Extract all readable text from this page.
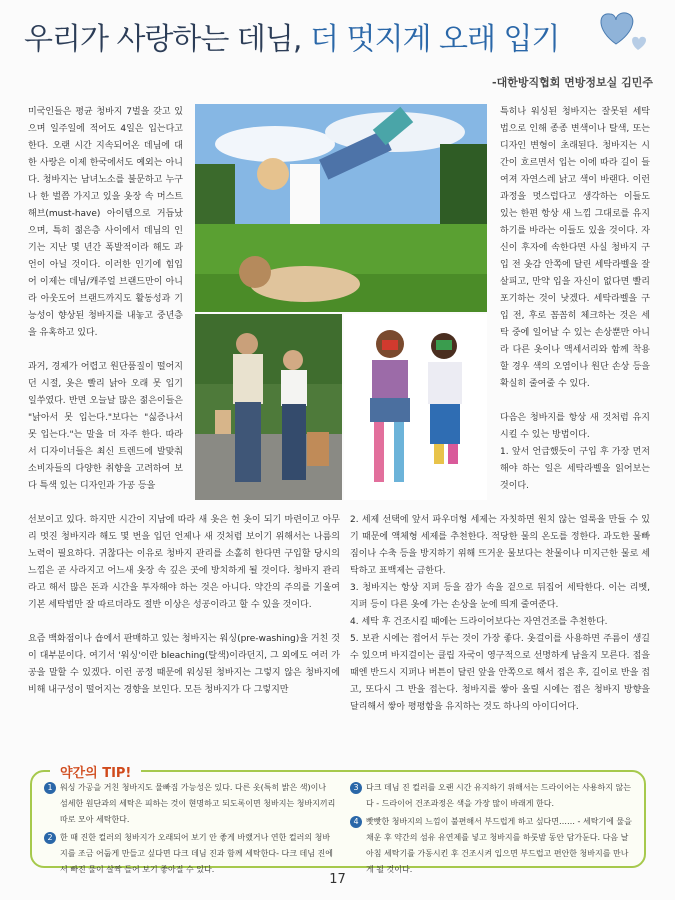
우리가 사랑하는 데님, 더 멋지게 오래 입기
-대한방직협회 면방정보실 김민주

미국인들은 평균 청바지 7벌을 갖고 있으며 일주일에 적어도 4일은 입는다고 한다. 오랜 시간 지속되어온 데님에 대한 사랑은 이제 한국에서도 예외는 아니다. 청바지는 남녀노소를 불문하고 누구나 한 벌쯤 가지고 있을 옷장 속 머스트해브(must-have) 아이템으로 거듭났으며, 특히 젊은층 사이에서 데님의 인기는 지난 몇 년간 폭발적이라 해도 과언이 아닐 것이다. 이러한 인기에 힘입어 이제는 데님/캐주얼 브랜드만이 아니라 아웃도어 브랜드까지도 활동성과 기능성이 향상된 청바지를 내놓고 중년층을 유혹하고 있다.

과거, 경제가 어렵고 원단품질이 떨어지던 시절, 옷은 빨리 낡아 오래 못 입기 일쑤였다. 반면 오늘날 많은 젊은이들은 "낡아서 못 입는다."보다는 "싫증나서 못 입는다."는 말을 더 자주 한다. 따라서 디자이너들은 최신 트렌드에 발맞춰 소비자들의 다양한 취향을 고려하여 보다 특색 있는 디자인과 가공 등을

특히나 워싱된 청바지는 잘못된 세탁법으로 인해 종종 변색이나 탈색, 또는 디자인 변형이 초래된다. 청바지는 시간이 흐르면서 입는 이에 따라 길이 들여져 자연스레 낡고 색이 바랜다. 이런 과정을 멋스럽다고 생각하는 이들도 있는 한편 항상 새 느낌 그대로를 유지하기를 바라는 이들도 있을 것이다. 자신이 후자에 속한다면 사실 청바지 구입 전 옷감 안쪽에 달린 세탁라벨을 잘 살피고, 만약 입을 자신이 없다면 빨리 포기하는 것이 낫겠다. 세탁라벨을 구입 전, 후로 꼼꼼히 체크하는 것은 세탁 중에 일어날 수 있는 손상뿐만 아니라 다른 옷이나 액세서리와 함께 착용할 경우 색의 오염이나 원단 손상 등을 확실히 줄여줄 수 있다.

다음은 청바지를 항상 새 것처럼 유지시킬 수 있는 방법이다.

1. 앞서 언급했듯이 구입 후 가장 먼저 해야 하는 일은 세탁라벨을 읽어보는 것이다.

선보이고 있다. 하지만 시간이 지남에 따라 새 옷은 헌 옷이 되기 마련이고 아무리 멋진 청바지라 해도 몇 번을 입던 언제나 새 것처럼 보이기 위해서는 나름의 노력이 필요하다. 귀찮다는 이유로 청바지 관리를 소홀히 한다면 구입할 당시의 느낌은 곧 사라지고 어느새 옷장 속 깊은 곳에 방치하게 될 것이다. 청바지 관리라고 해서 많은 돈과 시간을 투자해야 하는 것은 아니다. 약간의 주의를 기울여 기본 세탁법만 잘 따르더라도 절반 이상은 성공이라고 할 수 있을 것이다.

요즘 백화점이나 숍에서 판매하고 있는 청바지는 워싱(pre-washing)을 거친 것이 대부분이다. 여기서 '워싱'이란 bleaching(탈색)이라던지, 그 외에도 여러 가공을 말할 수 있겠다. 이런 공정 때문에 워싱된 청바지는 그렇지 않은 청바지에 비해 내구성이 떨어지는 경향을 보인다. 모든 청바지가 다 그렇지만

2. 세제 선택에 앞서 파우더형 세제는 자칫하면 원치 않는 얼룩을 만들 수 있기 때문에 액체형 세제를 추천한다. 적당한 물의 온도를 정한다. 과도한 물빠짐이나 수축 등을 방지하기 위해 뜨거운 물보다는 찬물이나 미지근한 물로 세탁하고 표백제는 금한다.

3. 청바지는 항상 지퍼 등을 잠가 속을 겉으로 뒤집어 세탁한다. 이는 리벳, 지퍼 등이 다른 옷에 가는 손상을 눈에 띄게 줄여준다.

4. 세탁 후 건조시킬 때에는 드라이어보다는 자연건조를 추천한다.

5. 보관 시에는 접어서 두는 것이 가장 좋다. 옷걸이를 사용하면 주름이 생길 수 있으며 바지걸이는 클립 자국이 영구적으로 선명하게 남을지 모른다. 접을 때엔 반드시 지퍼나 버튼이 달린 앞을 안쪽으로 해서 접은 후, 길이로 반을 접고, 또다시 그 반을 접는다. 청바지를 쌓아 올릴 시에는 접은 청바지 방향을 달리해서 쌓아 평평함을 유지하는 것도 하나의 아이디어다.

약간의 TIP!

1 워싱 가공을 거친 청바지도 물빠짐 가능성은 있다. 다른 옷(특히 밝은 색)이나 섬세한 원단과의 세탁은 피하는 것이 현명하고 되도록이면 청바지는 청바지끼리 따로 모아 세탁한다.

2 한 때 진한 컬러의 청바지가 오래되어 보기 안 좋게 바랬거나 연한 컬러의 청바지를 조금 어둡게 만들고 싶다면 다크 데님 진과 함께 세탁한다- 다크 데님 진에서 빠진 물이 살짝 들어 보기 좋아질 수 있다.

3 다크 데님 진 컬러를 오랜 시간 유지하기 위해서는 드라이어는 사용하지 않는다 - 드라이어 건조과정은 색을 가장 많이 바래게 한다.

4 빳빳한 청바지의 느낌이 불편해서 부드럽게 하고 싶다면…… - 세탁기에 물을 채운 후 약간의 섬유 유연제를 넣고 청바지를 하룻밤 동안 담가둔다. 다음 날 아침 세탁기를 가동시킨 후 건조시켜 입으면 부드럽고 편안한 청바지를 만나게 될 것이다.

17
